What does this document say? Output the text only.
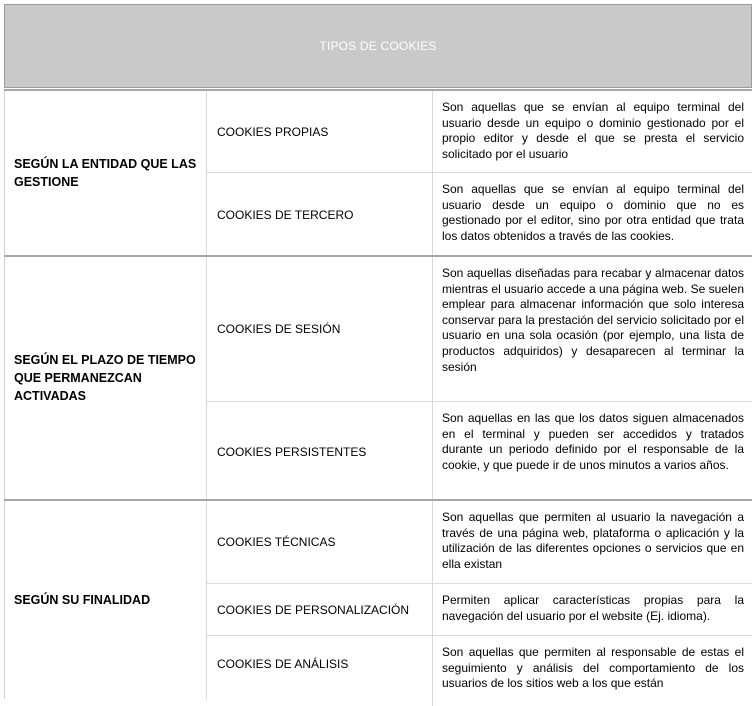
TIPOS DE COOKIES
SEGÚN LA ENTIDAD QUE LAS GESTIONE
COOKIES PROPIAS
Son aquellas que se envían al equipo terminal del usuario desde un equipo o dominio gestionado por el propio editor y desde el que se presta el servicio solicitado por el usuario
COOKIES DE TERCERO
Son aquellas que se envían al equipo terminal del usuario desde un equipo o dominio que no es gestionado por el editor, sino por otra entidad que trata los datos obtenidos a través de las cookies.
SEGÚN EL PLAZO DE TIEMPO QUE PERMANEZCAN ACTIVADAS
COOKIES DE SESIÓN
Son aquellas diseñadas para recabar y almacenar datos mientras el usuario accede a una página web. Se suelen emplear para almacenar información que solo interesa conservar para la prestación del servicio solicitado por el usuario en una sola ocasión (por ejemplo, una lista de productos adquiridos) y desaparecen al terminar la sesión
COOKIES PERSISTENTES
Son aquellas en las que los datos siguen almacenados en el terminal y pueden ser accedidos y tratados durante un periodo definido por el responsable de la cookie, y que puede ir de unos minutos a varios años.
SEGÚN SU FINALIDAD
COOKIES TÉCNICAS
Son aquellas que permiten al usuario la navegación a través de una página web, plataforma o aplicación y la utilización de las diferentes opciones o servicios que en ella existan
COOKIES DE PERSONALIZACIÓN
Permiten aplicar características propias para la navegación del usuario por el website (Ej. idioma).
COOKIES DE ANÁLISIS
Son aquellas que permiten al responsable de estas el seguimiento y análisis del comportamiento de los usuarios de los sitios web a los que están
